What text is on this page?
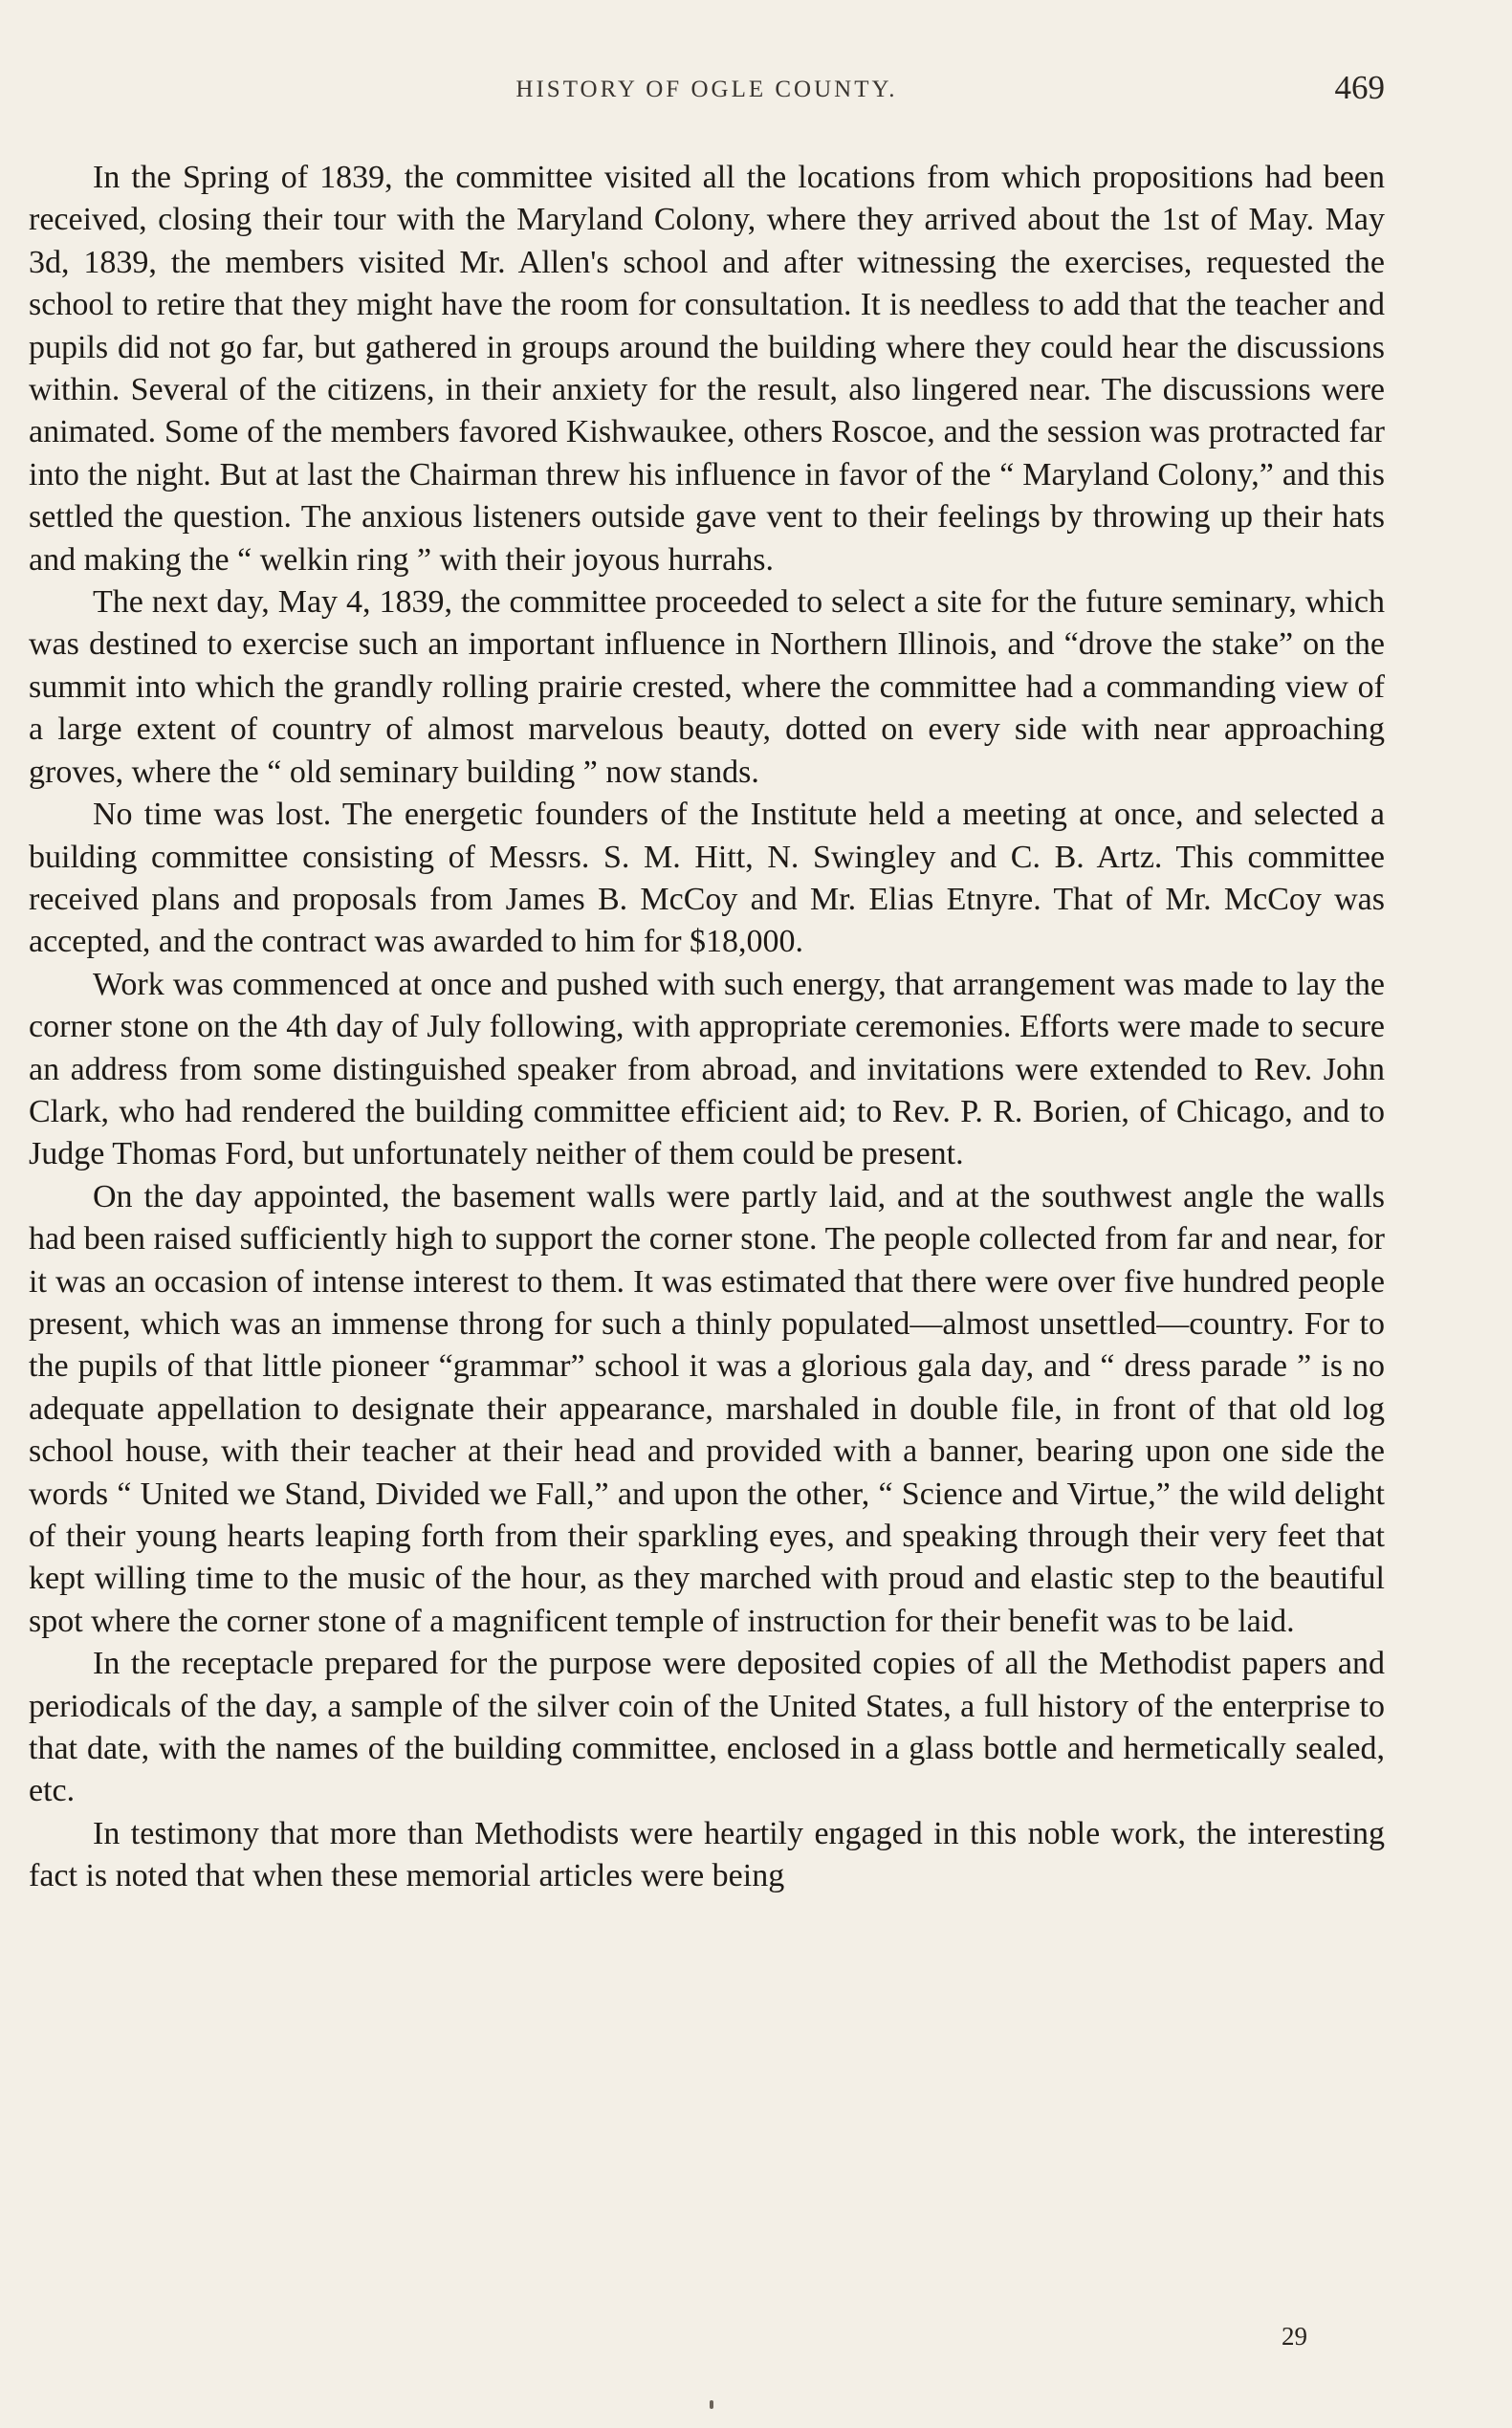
HISTORY OF OGLE COUNTY.	469

In the Spring of 1839, the committee visited all the locations from which propositions had been received, closing their tour with the Maryland Colony, where they arrived about the 1st of May. May 3d, 1839, the members visited Mr. Allen's school and after witnessing the exercises, requested the school to retire that they might have the room for consultation. It is needless to add that the teacher and pupils did not go far, but gathered in groups around the building where they could hear the discussions within. Several of the citizens, in their anxiety for the result, also lingered near. The discussions were animated. Some of the members favored Kishwaukee, others Roscoe, and the session was protracted far into the night. But at last the Chairman threw his influence in favor of the “ Maryland Colony,” and this settled the question. The anxious listeners outside gave vent to their feelings by throwing up their hats and making the “ welkin ring ” with their joyous hurrahs.

The next day, May 4, 1839, the committee proceeded to select a site for the future seminary, which was destined to exercise such an important influence in Northern Illinois, and “drove the stake” on the summit into which the grandly rolling prairie crested, where the committee had a commanding view of a large extent of country of almost marvelous beauty, dotted on every side with near approaching groves, where the “ old seminary building ” now stands.

No time was lost. The energetic founders of the Institute held a meeting at once, and selected a building committee consisting of Messrs. S. M. Hitt, N. Swingley and C. B. Artz. This committee received plans and proposals from James B. McCoy and Mr. Elias Etnyre. That of Mr. McCoy was accepted, and the contract was awarded to him for $18,000.

Work was commenced at once and pushed with such energy, that arrangement was made to lay the corner stone on the 4th day of July following, with appropriate ceremonies. Efforts were made to secure an address from some distinguished speaker from abroad, and invitations were extended to Rev. John Clark, who had rendered the building committee efficient aid; to Rev. P. R. Borien, of Chicago, and to Judge Thomas Ford, but unfortunately neither of them could be present.

On the day appointed, the basement walls were partly laid, and at the southwest angle the walls had been raised sufficiently high to support the corner stone. The people collected from far and near, for it was an occasion of intense interest to them. It was estimated that there were over five hundred people present, which was an immense throng for such a thinly populated—almost unsettled—country. For to the pupils of that little pioneer “grammar” school it was a glorious gala day, and “ dress parade ” is no adequate appellation to designate their appearance, marshaled in double file, in front of that old log school house, with their teacher at their head and provided with a banner, bearing upon one side the words “ United we Stand, Divided we Fall,” and upon the other, “ Science and Virtue,” the wild delight of their young hearts leaping forth from their sparkling eyes, and speaking through their very feet that kept willing time to the music of the hour, as they marched with proud and elastic step to the beautiful spot where the corner stone of a magnificent temple of instruction for their benefit was to be laid.

In the receptacle prepared for the purpose were deposited copies of all the Methodist papers and periodicals of the day, a sample of the silver coin of the United States, a full history of the enterprise to that date, with the names of the building committee, enclosed in a glass bottle and hermetically sealed, etc.

In testimony that more than Methodists were heartily engaged in this noble work, the interesting fact is noted that when these memorial articles were being

29
